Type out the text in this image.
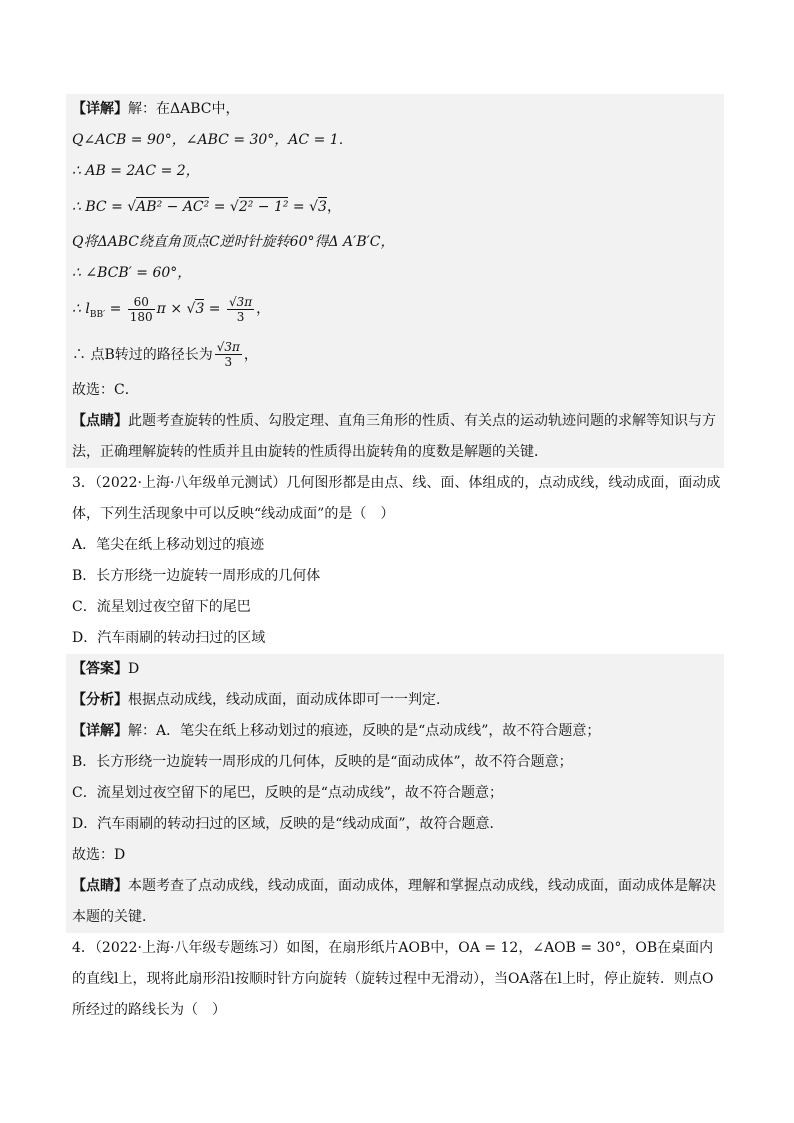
【详解】解：在ΔABC中，
Q∠ACB = 90°，∠ABC = 30°，AC = 1．
∴ AB = 2AC = 2，
∴ BC = √AB² − AC² = √2² − 1² = √3，
Q将ΔABC绕直角顶点C逆时针旋转60°得Δ A′B′C，
∴ ∠BCB′ = 60°，
∴ $l_{BB'} = \frac{60}{180}$ $\pi \times √3 = \frac{√3\pi}{3}$ ，
∴ 点B转过的路径长为 $\frac{√3\pi}{3}$ ，
故选：C．
【点睛】此题考查旋转的性质、勾股定理、直角三角形的性质、有关点的运动轨迹问题的求解等知识与方法，正确理解旋转的性质并且由旋转的性质得出旋转角的度数是解题的关键．
3．（2022·上海·八年级单元测试）几何图形都是由点、线、面、体组成的，点动成线，线动成面，面动成体，下列生活现象中可以反映“线动成面”的是（　）
A．笔尖在纸上移动划过的痕迹
B．长方形绕一边旋转一周形成的几何体
C．流星划过夜空留下的尾巴
D．汽车雨刷的转动扫过的区域
【答案】D
【分析】根据点动成线，线动成面，面动成体即可一一判定．
【详解】解：A．笔尖在纸上移动划过的痕迹，反映的是“点动成线”，故不符合题意；
B．长方形绕一边旋转一周形成的几何体，反映的是“面动成体”，故不符合题意；
C．流星划过夜空留下的尾巴，反映的是“点动成线”，故不符合题意；
D．汽车雨刷的转动扫过的区域，反映的是“线动成面”，故符合题意．
故选：D
【点睛】本题考查了点动成线，线动成面，面动成体，理解和掌握点动成线，线动成面，面动成体是解决本题的关键．
4．（2022·上海·八年级专题练习）如图，在扇形纸片AOB中，OA = 12，∠AOB = 30°，OB在桌面内的直线l上，现将此扇形沿l按顺时针方向旋转（旋转过程中无滑动），当OA落在l上时，停止旋转．则点O所经过的路线长为（　）
